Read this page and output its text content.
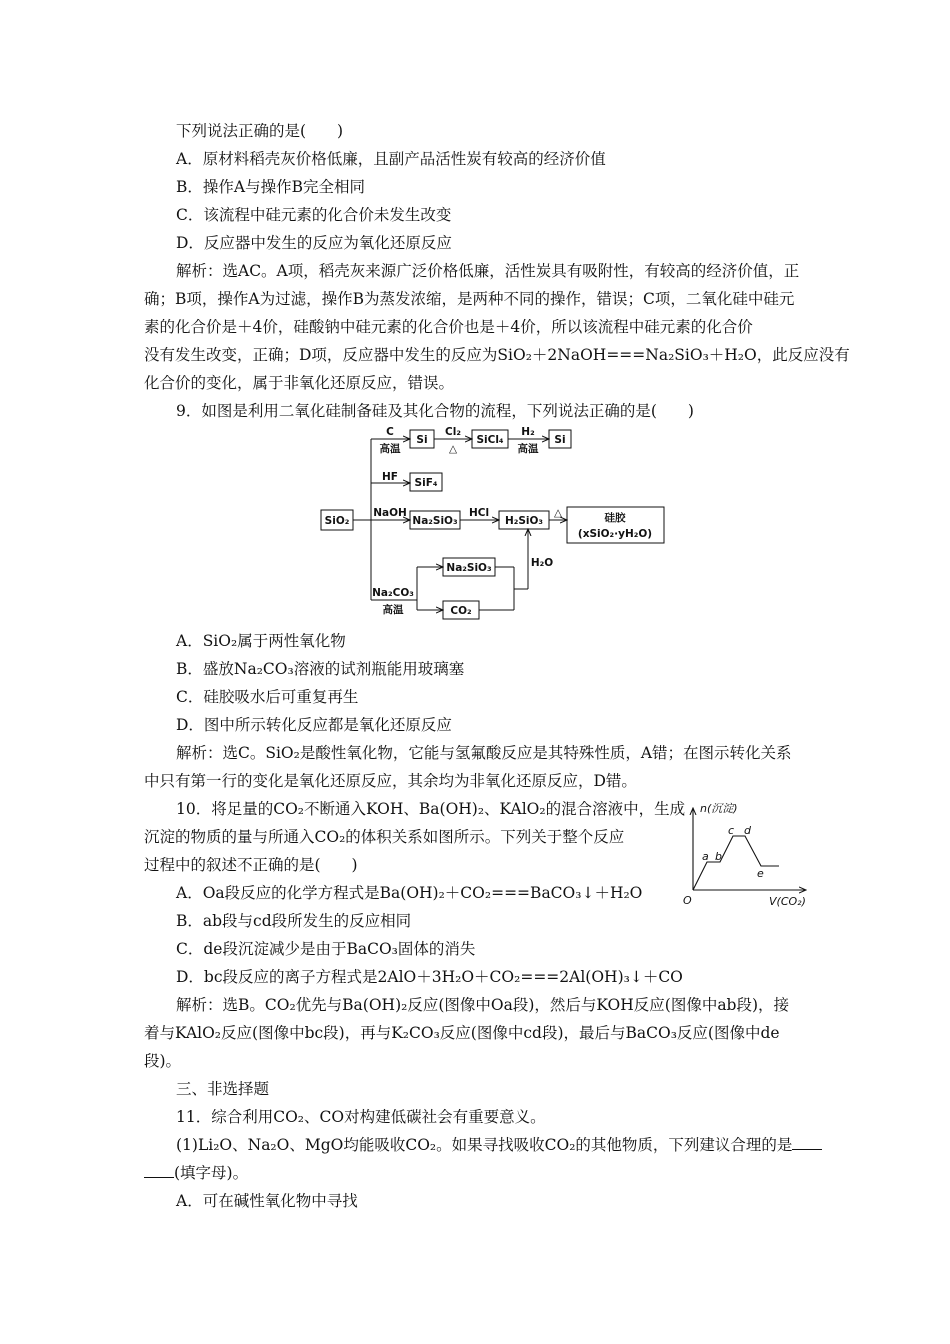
下列说法正确的是(　　)
A．原材料稻壳灰价格低廉，且副产品活性炭有较高的经济价值
B．操作A与操作B完全相同
C．该流程中硅元素的化合价未发生改变
D．反应器中发生的反应为氧化还原反应
解析：选AC。A项，稻壳灰来源广泛价格低廉，活性炭具有吸附性，有较高的经济价值，正
确；B项，操作A为过滤，操作B为蒸发浓缩，是两种不同的操作，错误；C项，二氧化硅中硅元
素的化合价是＋4价，硅酸钠中硅元素的化合价也是＋4价，所以该流程中硅元素的化合价
没有发生改变，正确；D项，反应器中发生的反应为SiO₂＋2NaOH===Na₂SiO₃＋H₂O，此反应没有
化合价的变化，属于非氧化还原反应，错误。
9．如图是利用二氧化硅制备硅及其化合物的流程，下列说法正确的是(　　)
SiO₂
Si	SiCl₄	Si
SiF₄
Na₂SiO₃	H₂SiO₃	硅胶
(xSiO₂·yH₂O)
Na₂SiO₃
CO₂
C
高温
Cl₂
△
H₂
高温
HF
NaOH	HCl	△
Na₂CO₃
高温
H₂O
A．SiO₂属于两性氧化物
B．盛放Na₂CO₃溶液的试剂瓶能用玻璃塞
C．硅胶吸水后可重复再生
D．图中所示转化反应都是氧化还原反应
解析：选C。SiO₂是酸性氧化物，它能与氢氟酸反应是其特殊性质，A错；在图示转化关系
中只有第一行的变化是氧化还原反应，其余均为非氧化还原反应，D错。
10．将足量的CO₂不断通入KOH、Ba(OH)₂、KAlO₂的混合溶液中，生成
沉淀的物质的量与所通入CO₂的体积关系如图所示。下列关于整个反应
过程中的叙述不正确的是(　　)
n(沉淀)
V(CO₂)
O
a b
c d
e
A．Oa段反应的化学方程式是Ba(OH)₂＋CO₂===BaCO₃↓＋H₂O
B．ab段与cd段所发生的反应相同
C．de段沉淀减少是由于BaCO₃固体的消失
D．bc段反应的离子方程式是2AlO＋3H₂O＋CO₂===2Al(OH)₃↓＋CO
解析：选B。CO₂优先与Ba(OH)₂反应(图像中Oa段)，然后与KOH反应(图像中ab段)，接
着与KAlO₂反应(图像中bc段)，再与K₂CO₃反应(图像中cd段)，最后与BaCO₃反应(图像中de
段)。
三、非选择题
11．综合利用CO₂、CO对构建低碳社会有重要意义。
(1)Li₂O、Na₂O、MgO均能吸收CO₂。如果寻找吸收CO₂的其他物质，下列建议合理的是
(填字母)。
A．可在碱性氧化物中寻找
